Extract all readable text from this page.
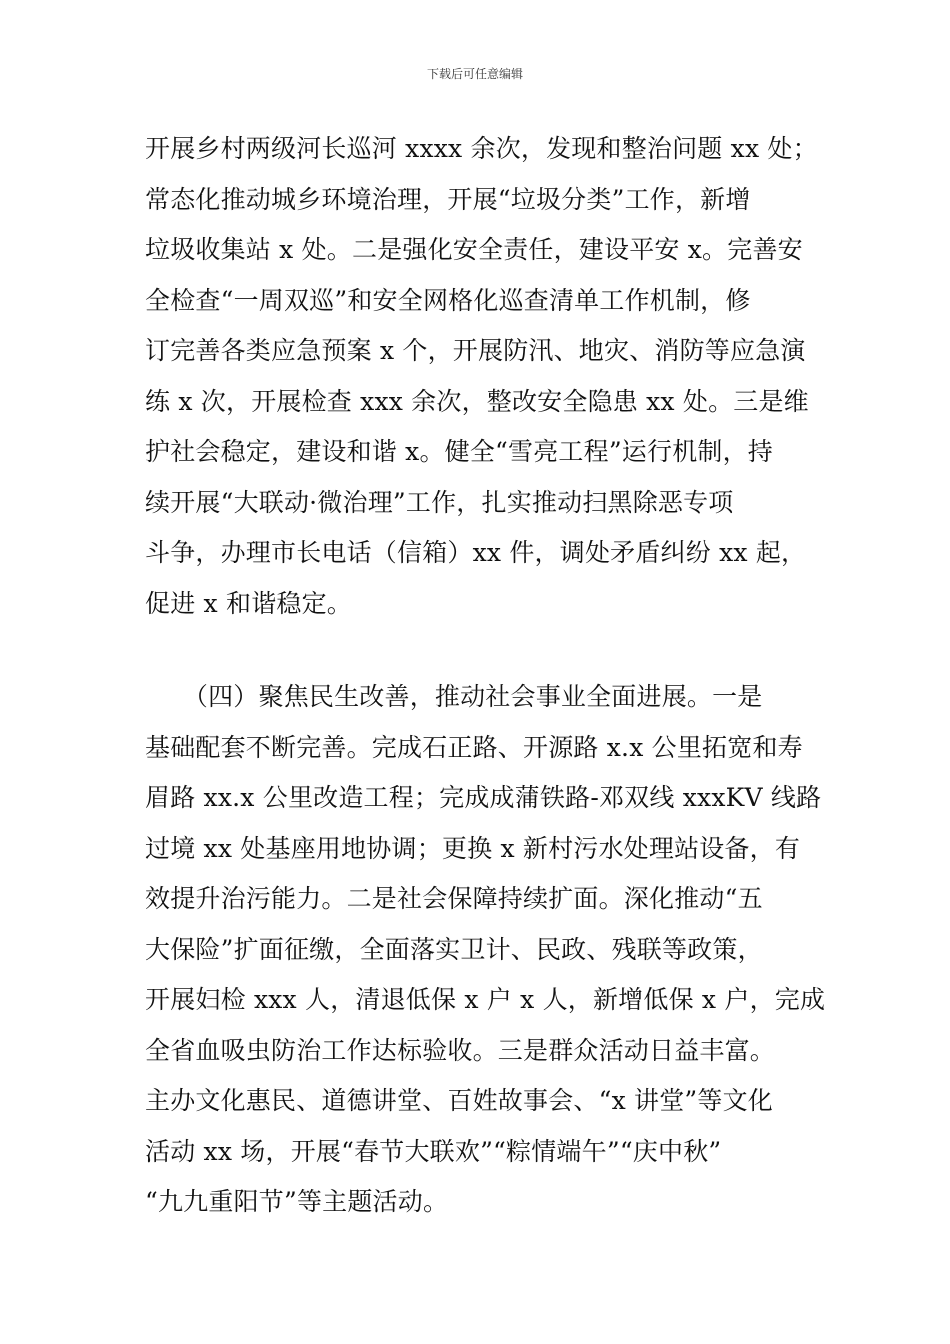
下载后可任意编辑
开展乡村两级河长巡河 xxxx 余次，发现和整治问题 xx 处；
常态化推动城乡环境治理，开展“垃圾分类”工作，新增
垃圾收集站 x 处。二是强化安全责任，建设平安 x。完善安
全检查“一周双巡”和安全网格化巡查清单工作机制，修
订完善各类应急预案 x 个，开展防汛、地灾、消防等应急演
练 x 次，开展检查 xxx 余次，整改安全隐患 xx 处。三是维
护社会稳定，建设和谐 x。健全“雪亮工程”运行机制，持
续开展“大联动·微治理”工作，扎实推动扫黑除恶专项
斗争，办理市长电话（信箱）xx 件，调处矛盾纠纷 xx 起，
促进 x 和谐稳定。
　　（四）聚焦民生改善，推动社会事业全面进展。一是
基础配套不断完善。完成石正路、开源路 x.x 公里拓宽和寿
眉路 xx.x 公里改造工程；完成成蒲铁路-邓双线 xxxKV 线路
过境 xx 处基座用地协调；更换 x 新村污水处理站设备，有
效提升治污能力。二是社会保障持续扩面。深化推动“五
大保险”扩面征缴，全面落实卫计、民政、残联等政策，
开展妇检 xxx 人，清退低保 x 户 x 人，新增低保 x 户，完成
全省血吸虫防治工作达标验收。三是群众活动日益丰富。
主办文化惠民、道德讲堂、百姓故事会、“x 讲堂”等文化
活动 xx 场，开展“春节大联欢”“粽情端午”“庆中秋”
“九九重阳节”等主题活动。
